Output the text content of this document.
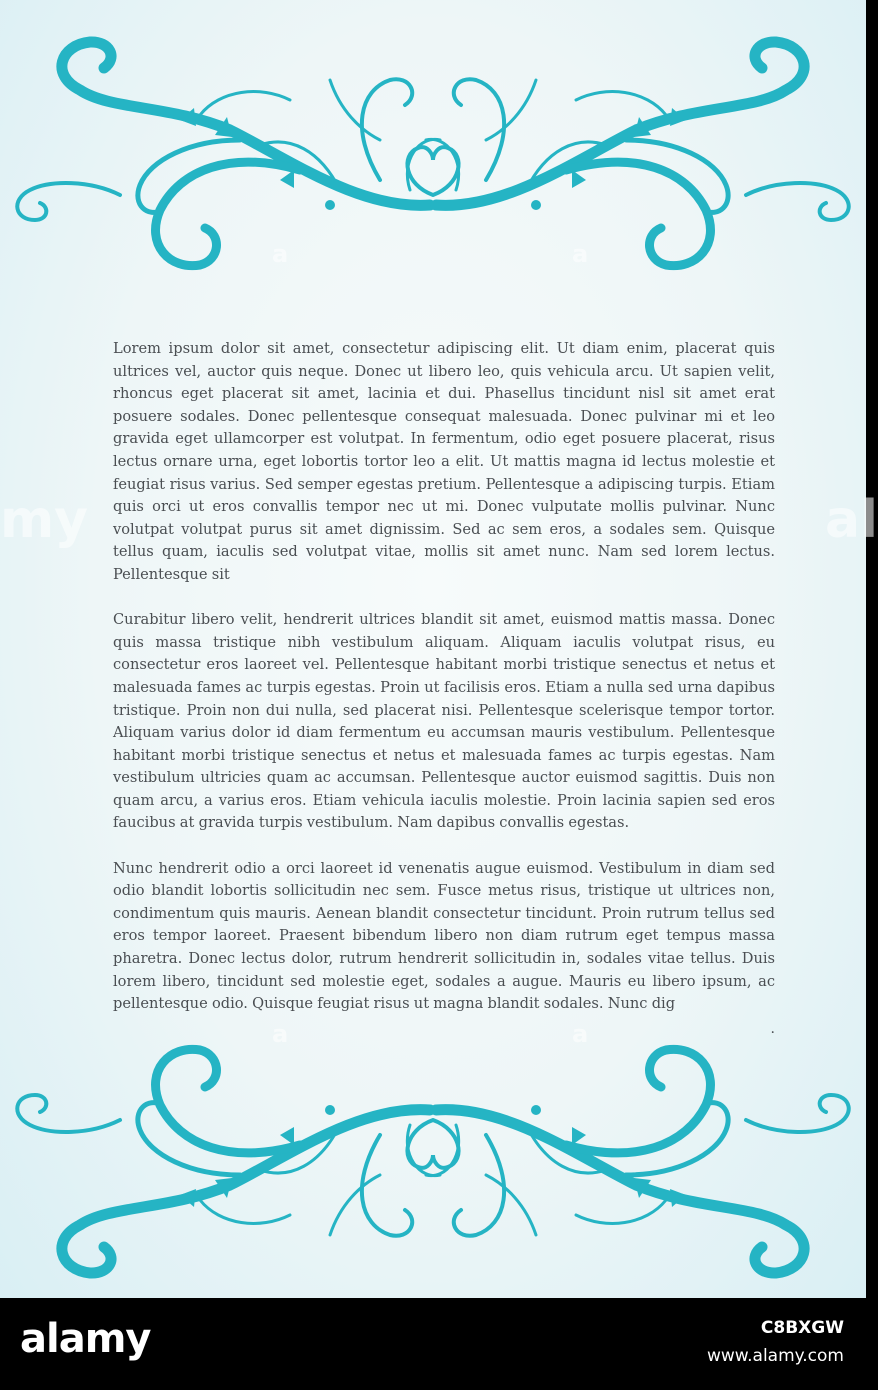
my	al
a	a
a	a

Lorem ipsum dolor sit amet, consectetur adipiscing elit. Ut diam enim, placerat quis ultrices vel, auctor quis neque. Donec ut libero leo, quis vehicula arcu. Ut sapien velit, rhoncus eget placerat sit amet, lacinia et dui. Phasellus tincidunt nisl sit amet erat posuere sodales. Donec pellentesque consequat malesuada. Donec pulvinar mi et leo gravida eget ullamcorper est volutpat. In fermentum, odio eget posuere placerat, risus lectus ornare urna, eget lobortis tortor leo a elit. Ut mattis magna id lectus molestie et feugiat risus varius. Sed semper egestas pretium. Pellentesque a adipiscing turpis. Etiam quis orci ut eros convallis tempor nec ut mi. Donec vulputate mollis pulvinar. Nunc volutpat volutpat purus sit amet dignissim. Sed ac sem eros, a sodales sem. Quisque tellus quam, iaculis sed volutpat vitae, mollis sit amet nunc. Nam sed lorem lectus. Pellentesque sit

Curabitur libero velit, hendrerit ultrices blandit sit amet, euismod mattis massa. Donec quis massa tristique nibh vestibulum aliquam. Aliquam iaculis volutpat risus, eu consectetur eros laoreet vel. Pellentesque habitant morbi tristique senectus et netus et malesuada fames ac turpis egestas. Proin ut facilisis eros. Etiam a nulla sed urna dapibus tristique. Proin non dui nulla, sed placerat nisi. Pellentesque scelerisque tempor tortor. Aliquam varius dolor id diam fermentum eu accumsan mauris vestibulum. Pellentesque habitant morbi tristique senectus et netus et malesuada fames ac turpis egestas. Nam vestibulum ultricies quam ac accumsan. Pellentesque auctor euismod sagittis. Duis non quam arcu, a varius eros. Etiam vehicula iaculis molestie. Proin lacinia sapien sed eros faucibus at gravida turpis vestibulum. Nam dapibus convallis egestas.

Nunc hendrerit odio a orci laoreet id venenatis augue euismod. Vestibulum in diam sed odio blandit lobortis sollicitudin nec sem. Fusce metus risus, tristique ut ultrices non, condimentum quis mauris. Aenean blandit consectetur tincidunt. Proin rutrum tellus sed eros tempor laoreet. Praesent bibendum libero non diam rutrum eget tempus massa pharetra. Donec lectus dolor, rutrum hendrerit sollicitudin in, sodales vitae tellus. Duis lorem libero, tincidunt sed molestie eget, sodales a augue. Mauris eu libero ipsum, ac pellentesque odio. Quisque feugiat risus ut magna blandit sodales. Nunc dig

.
alamy	C8BXGW
www.alamy.com
